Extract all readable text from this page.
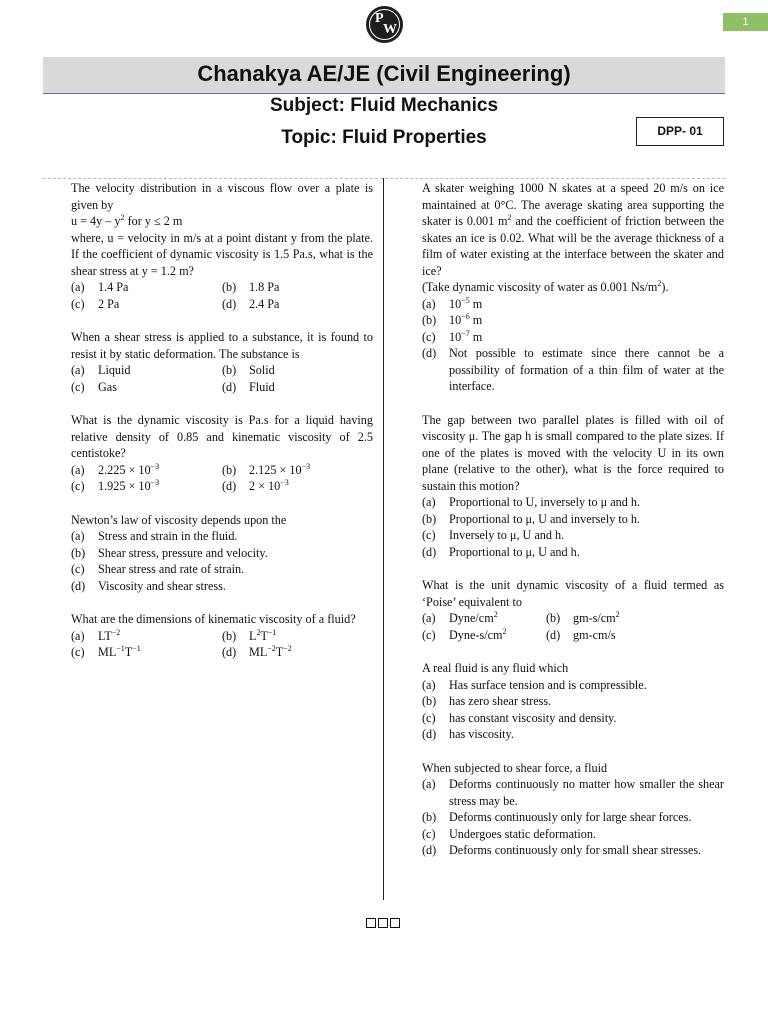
1
P
W
Chanakya AE/JE (Civil Engineering)
Subject: Fluid Mechanics
Topic: Fluid Properties	DPP- 01
The velocity distribution in a viscous flow over a plate is given by
$u = 4y - y^2$ for y ≤ 2 m
where, u = velocity in m/s at a point distant y from the plate. If the coefficient of dynamic viscosity is 1.5 Pa.s, what is the shear stress at y = 1.2 m?
(a)	1.4 Pa	(b)	1.8 Pa
(c)	2 Pa	(d)	2.4 Pa
When a shear stress is applied to a substance, it is found to resist it by static deformation. The substance is
(a)	Liquid	(b)	Solid
(c)	Gas	(d)	Fluid
What is the dynamic viscosity is Pa.s for a liquid having relative density of 0.85 and kinematic viscosity of 2.5 centistoke?
(a)	$2.225 \times 10^{-3}$	(b)	$2.125 \times 10^{-3}$
(c)	$1.925 \times 10^{-3}$	(d)	$2 \times 10^{-3}$
Newton’s law of viscosity depends upon the
(a)	Stress and strain in the fluid.
(b)	Shear stress, pressure and velocity.
(c)	Shear stress and rate of strain.
(d)	Viscosity and shear stress.
What are the dimensions of kinematic viscosity of a fluid?
(a)	$LT^{-2}$	(b)	$L^2T^{-1}$
(c)	$ML^{-1}T^{-1}$	(d)	$ML^{-2}T^{-2}$
A skater weighing 1000 N skates at a speed 20 m/s on ice maintained at 0°C. The average skating area supporting the skater is 0.001 $m^2$ and the coefficient of friction between the skates an ice is 0.02. What will be the average thickness of a film of water existing at the interface between the skater and ice?
(Take dynamic viscosity of water as 0.001 $Ns/m^2$).
(a)	$10^{-5}$ m
(b)	$10^{-6}$ m
(c)	$10^{-7}$ m
(d)	Not possible to estimate since there cannot be a possibility of formation of a thin film of water at the interface.
The gap between two parallel plates is filled with oil of viscosity μ. The gap h is small compared to the plate sizes. If one of the plates is moved with the velocity U in its own plane (relative to the other), what is the force required to sustain this motion?
(a)	Proportional to U, inversely to μ and h.
(b)	Proportional to μ, U and inversely to h.
(c)	Inversely to μ, U and h.
(d)	Proportional to μ, U and h.
What is the unit dynamic viscosity of a fluid termed as ‘Poise’ equivalent to
(a)	Dyne/$cm^2$	(b)	$gm-s/cm^2$
(c)	Dyne-$s/cm^2$	(d)	gm-cm/s
A real fluid is any fluid which
(a)	Has surface tension and is compressible.
(b)	has zero shear stress.
(c)	has constant viscosity and density.
(d)	has viscosity.
When subjected to shear force, a fluid
(a)	Deforms continuously no matter how smaller the shear stress may be.
(b)	Deforms continuously only for large shear forces.
(c)	Undergoes static deformation.
(d)	Deforms continuously only for small shear stresses.
